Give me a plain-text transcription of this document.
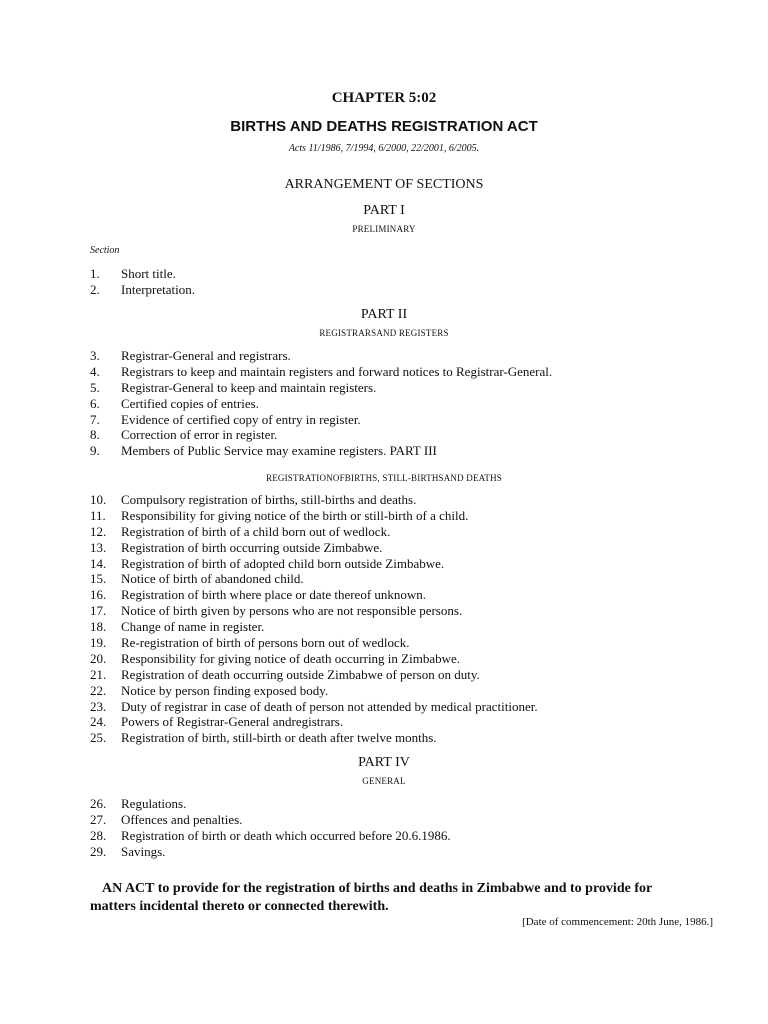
CHAPTER 5:02
BIRTHS AND DEATHS REGISTRATION ACT
Acts 11/1986, 7/1994, 6/2000, 22/2001, 6/2005.
ARRANGEMENT OF SECTIONS
PART I
PRELIMINARY
Section
1. Short title.
2. Interpretation.
PART II
REGISTRARSAND REGISTERS
3. Registrar-General and registrars.
4. Registrars to keep and maintain registers and forward notices to Registrar-General.
5. Registrar-General to keep and maintain registers.
6. Certified copies of entries.
7. Evidence of certified copy of entry in register.
8. Correction of error in register.
9. Members of Public Service may examine registers. PART III
REGISTRATIONOFBIRTHS, STILL-BIRTHSAND DEATHS
10. Compulsory registration of births, still-births and deaths.
11. Responsibility for giving notice of the birth or still-birth of a child.
12. Registration of birth of a child born out of wedlock.
13. Registration of birth occurring outside Zimbabwe.
14. Registration of birth of adopted child born outside Zimbabwe.
15. Notice of birth of abandoned child.
16. Registration of birth where place or date thereof unknown.
17. Notice of birth given by persons who are not responsible persons.
18. Change of name in register.
19. Re-registration of birth of persons born out of wedlock.
20. Responsibility for giving notice of death occurring in Zimbabwe.
21. Registration of death occurring outside Zimbabwe of person on duty.
22. Notice by person finding exposed body.
23. Duty of registrar in case of death of person not attended by medical practitioner.
24. Powers of Registrar-General andregistrars.
25. Registration of birth, still-birth or death after twelve months.
PART IV
GENERAL
26. Regulations.
27. Offences and penalties.
28. Registration of birth or death which occurred before 20.6.1986.
29. Savings.
AN ACT to provide for the registration of births and deaths in Zimbabwe and to provide for matters incidental thereto or connected therewith.
[Date of commencement: 20th June, 1986.]
